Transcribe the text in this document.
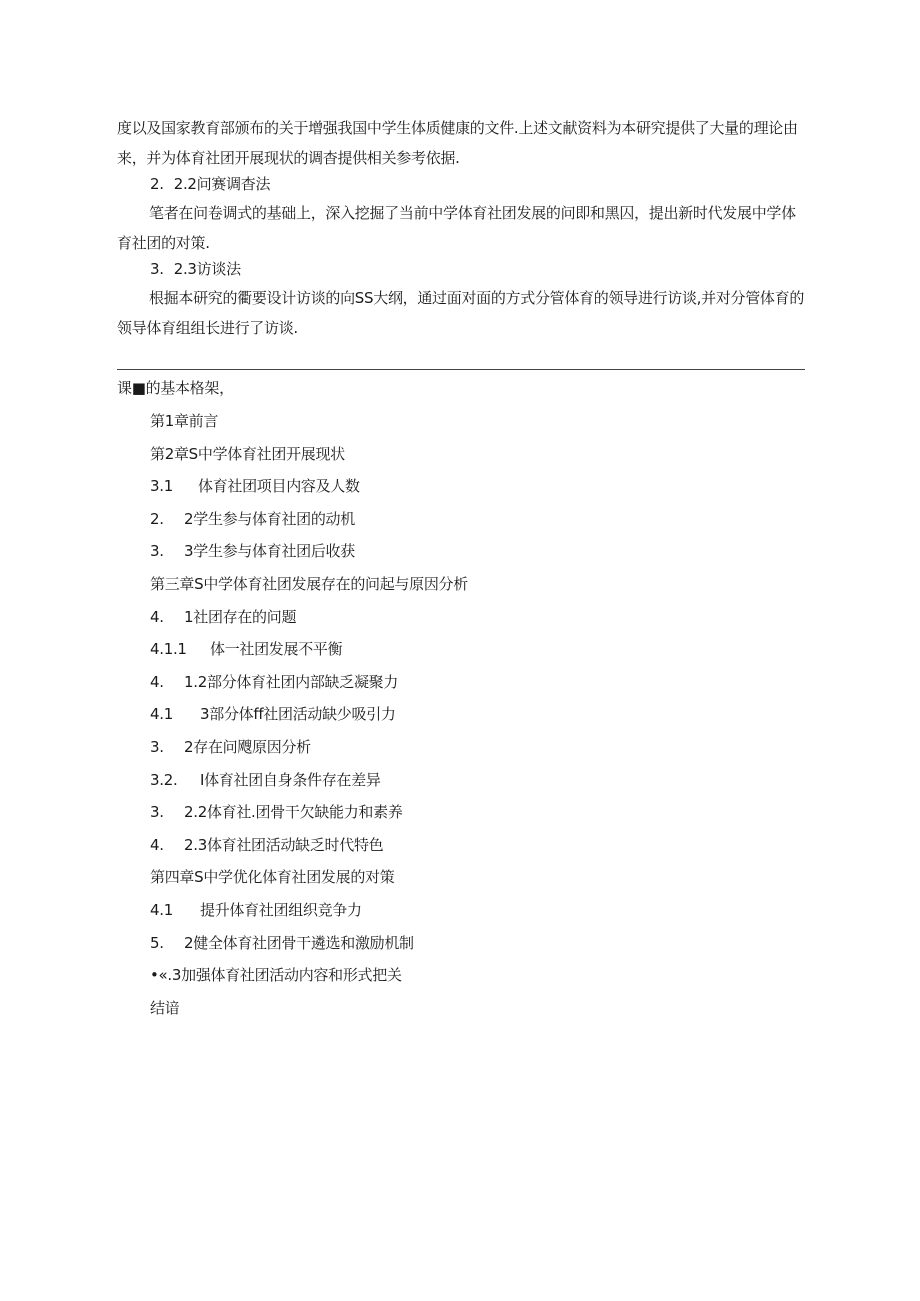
度以及国家教育部颁布的关于增强我国中学生体质健康的文件.上述文献资料为本研究提供了大量的理论由来，并为体育社团开展现状的调杳提供相关参考依据.

2. 2.2问赛调杳法

笔者在问卷调式的基础上，深入挖掘了当前中学体育社团发展的问即和黑囚，提出新时代发展中学体育社团的对策.

3. 2.3访谈法

根掘本研究的衢要设计访谈的向SS大纲，通过面对面的方式分管体育的领导进行访谈,并对分管体育的领导体育组组长进行了访谈.

课■的基本格架，

第1章前言

第2章S中学体育社团开展现状

3.1 体育社团项目内容及人数

2. 2学生参与体育社团的动机

3. 3学生参与体育社团后收获

第三章S中学体育社团发展存在的问起与原因分析

4. 1社团存在的问题

4.1.1 体一社团发展不平衡

4. 1.2部分体育社团内部缺乏凝聚力

4.1 3部分体ff社团活动缺少吸引力

3. 2存在问飕原因分析

3.2. I体育社团自身条件存在差异

3. 2.2体育社.团骨干欠缺能力和素养

4. 2.3体育社团活动缺乏时代特色

第四章S中学优化体育社团发展的对策

4.1 提升体育社团组织竞争力

5. 2健全体育社团骨干遴选和激励机制

•«.3加强体育社团活动内容和形式把关

结谙
